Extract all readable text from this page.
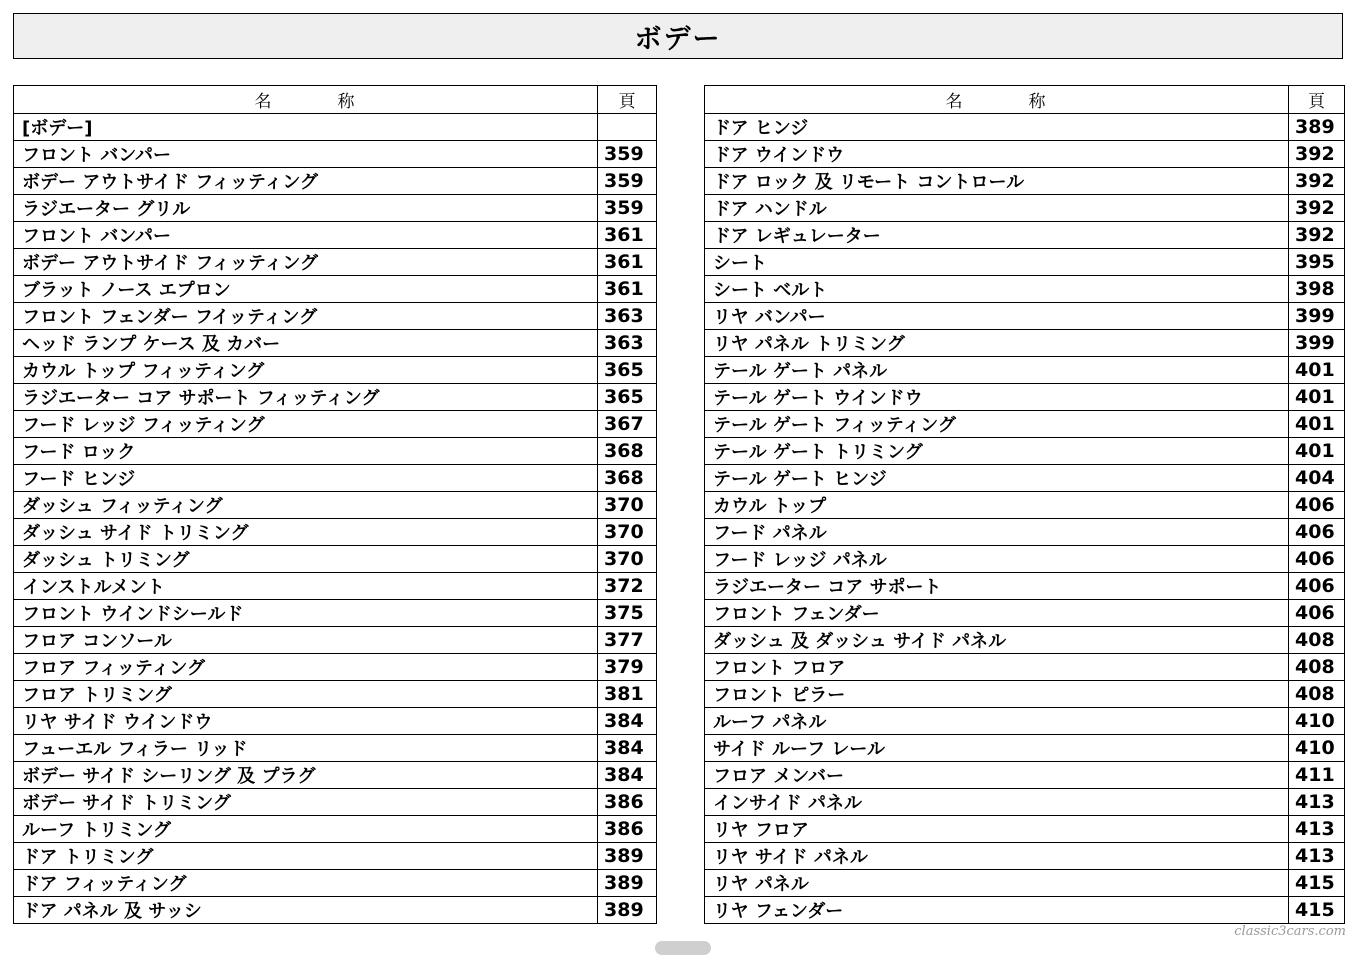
ボデー
名 称	頁
[ボデー]	
フロント バンパー	359
ボデー アウトサイド フィッティング	359
ラジエーター グリル	359
フロント バンパー	361
ボデー アウトサイド フィッティング	361
ブラット ノース エプロン	361
フロント フェンダー フイッティング	363
ヘッド ランプ ケース 及 カバー	363
カウル トップ フィッティング	365
ラジエーター コア サポート フィッティング	365
フード レッジ フィッティング	367
フード ロック	368
フード ヒンジ	368
ダッシュ フィッティング	370
ダッシュ サイド トリミング	370
ダッシュ トリミング	370
インストルメント	372
フロント ウインドシールド	375
フロア コンソール	377
フロア フィッティング	379
フロア トリミング	381
リヤ サイド ウインドウ	384
フューエル フィラー リッド	384
ボデー サイド シーリング 及 プラグ	384
ボデー サイド トリミング	386
ルーフ トリミング	386
ドア トリミング	389
ドア フィッティング	389
ドア パネル 及 サッシ	389
名 称	頁
ドア ヒンジ	389
ドア ウインドウ	392
ドア ロック 及 リモート コントロール	392
ドア ハンドル	392
ドア レギュレーター	392
シート	395
シート ベルト	398
リヤ バンパー	399
リヤ パネル トリミング	399
テール ゲート パネル	401
テール ゲート ウインドウ	401
テール ゲート フィッティング	401
テール ゲート トリミング	401
テール ゲート ヒンジ	404
カウル トップ	406
フード パネル	406
フード レッジ パネル	406
ラジエーター コア サポート	406
フロント フェンダー	406
ダッシュ 及 ダッシュ サイド パネル	408
フロント フロア	408
フロント ピラー	408
ルーフ パネル	410
サイド ルーフ レール	410
フロア メンバー	411
インサイド パネル	413
リヤ フロア	413
リヤ サイド パネル	413
リヤ パネル	415
リヤ フェンダー	415
classic3cars.com
